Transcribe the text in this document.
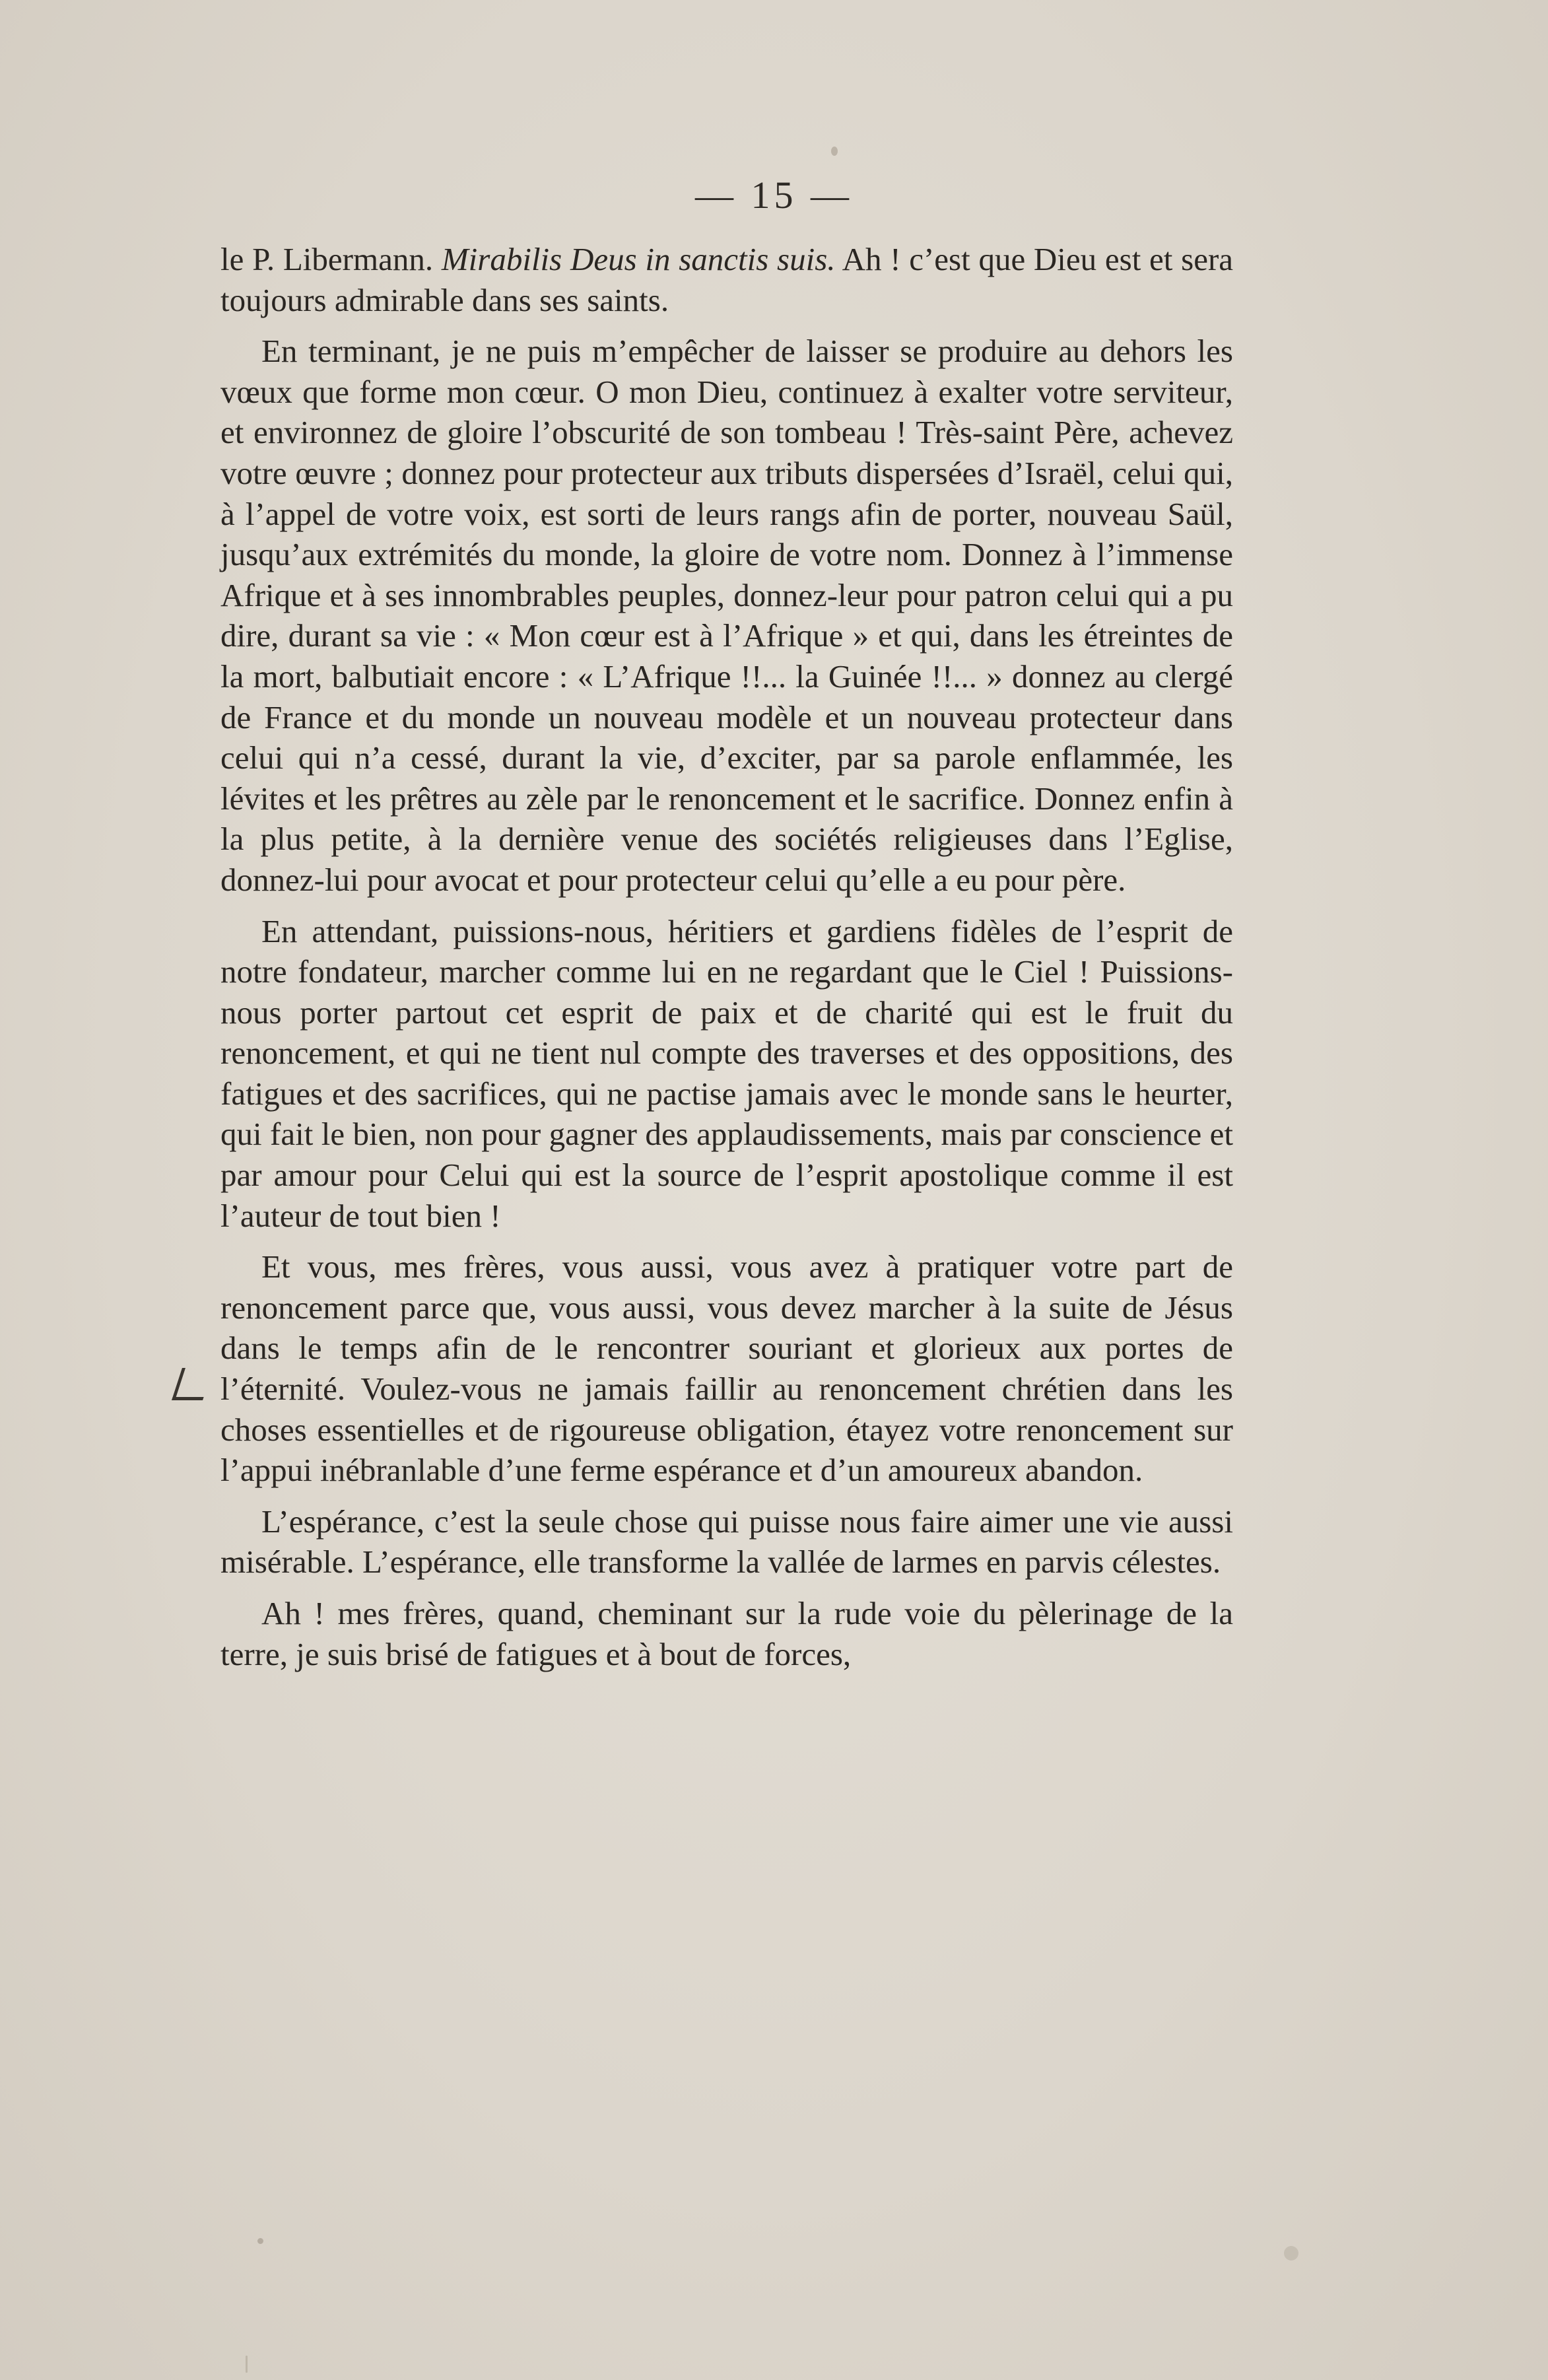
— 15 —

le P. Libermann. Mirabilis Deus in sanctis suis. Ah ! c’est que Dieu est et sera toujours admirable dans ses saints.

En terminant, je ne puis m’empêcher de laisser se produire au dehors les vœux que forme mon cœur. O mon Dieu, continuez à exalter votre serviteur, et environnez de gloire l’obscurité de son tombeau ! Très-saint Père, achevez votre œuvre ; donnez pour protecteur aux tributs dispersées d’Israël, celui qui, à l’appel de votre voix, est sorti de leurs rangs afin de porter, nouveau Saül, jusqu’aux extrémités du monde, la gloire de votre nom. Donnez à l’immense Afrique et à ses innombrables peuples, donnez-leur pour patron celui qui a pu dire, durant sa vie : « Mon cœur est à l’Afrique » et qui, dans les étreintes de la mort, balbutiait encore : « L’Afrique !!... la Guinée !!... » donnez au clergé de France et du monde un nouveau modèle et un nouveau protecteur dans celui qui n’a cessé, durant la vie, d’exciter, par sa parole enflammée, les lévites et les prêtres au zèle par le renoncement et le sacrifice. Donnez enfin à la plus petite, à la dernière venue des sociétés religieuses dans l’Eglise, donnez-lui pour avocat et pour protecteur celui qu’elle a eu pour père.

En attendant, puissions-nous, héritiers et gardiens fidèles de l’esprit de notre fondateur, marcher comme lui en ne regardant que le Ciel ! Puissions-nous porter partout cet esprit de paix et de charité qui est le fruit du renoncement, et qui ne tient nul compte des traverses et des oppositions, des fatigues et des sacrifices, qui ne pactise jamais avec le monde sans le heurter, qui fait le bien, non pour gagner des applaudissements, mais par conscience et par amour pour Celui qui est la source de l’esprit apostolique comme il est l’auteur de tout bien !

Et vous, mes frères, vous aussi, vous avez à pratiquer votre part de renoncement parce que, vous aussi, vous devez marcher à la suite de Jésus dans le temps afin de le rencontrer souriant et glorieux aux portes de l’éternité. Voulez-vous ne jamais faillir au renoncement chrétien dans les choses essentielles et de rigoureuse obligation, étayez votre renoncement sur l’appui inébranlable d’une ferme espérance et d’un amoureux abandon.

L’espérance, c’est la seule chose qui puisse nous faire aimer une vie aussi misérable. L’espérance, elle transforme la vallée de larmes en parvis célestes.

Ah ! mes frères, quand, cheminant sur la rude voie du pèlerinage de la terre, je suis brisé de fatigues et à bout de forces,
